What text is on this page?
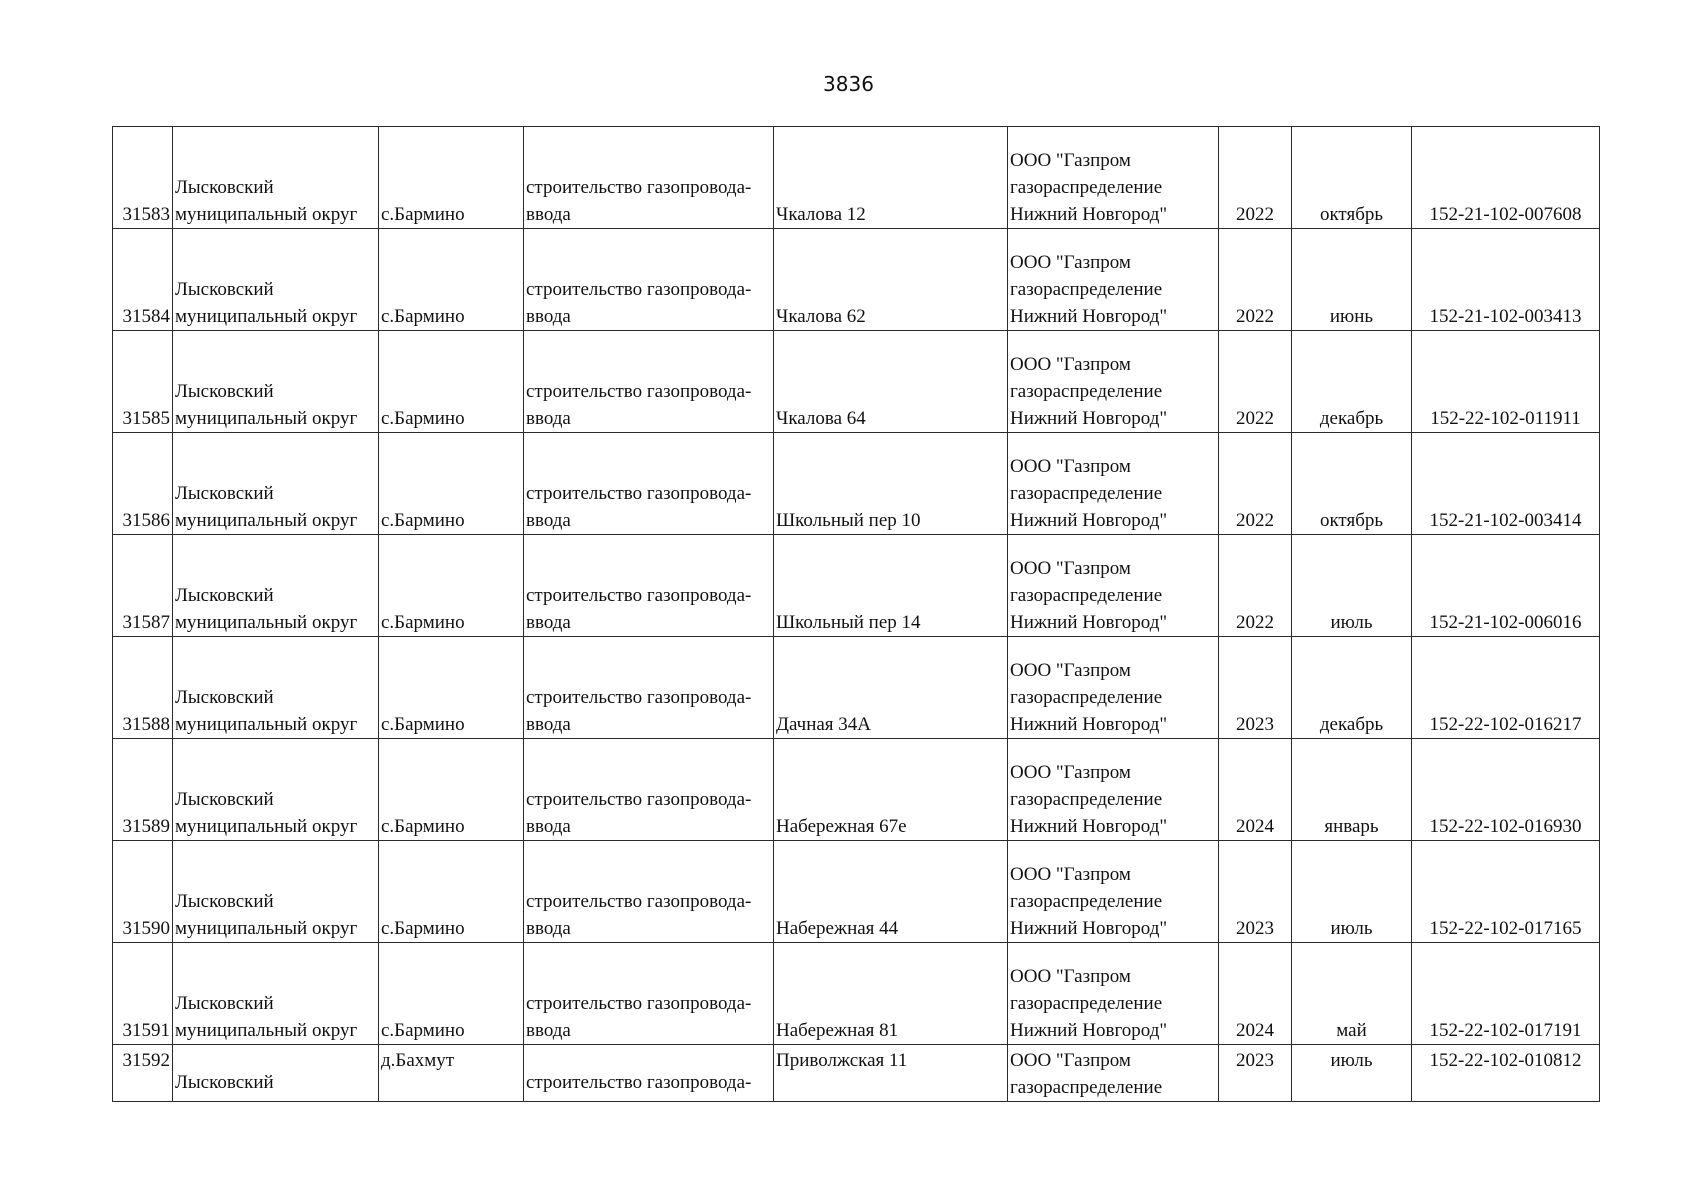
3836
31583	Лысковский
муниципальный округ	с.Бармино	строительство газопровода-
ввода	Чкалова 12	ООО "Газпром
газораспределение
Нижний Новгород"	2022	октябрь	152-21-102-007608
31584	Лысковский
муниципальный округ	с.Бармино	строительство газопровода-
ввода	Чкалова 62	ООО "Газпром
газораспределение
Нижний Новгород"	2022	июнь	152-21-102-003413
31585	Лысковский
муниципальный округ	с.Бармино	строительство газопровода-
ввода	Чкалова 64	ООО "Газпром
газораспределение
Нижний Новгород"	2022	декабрь	152-22-102-011911
31586	Лысковский
муниципальный округ	с.Бармино	строительство газопровода-
ввода	Школьный пер 10	ООО "Газпром
газораспределение
Нижний Новгород"	2022	октябрь	152-21-102-003414
31587	Лысковский
муниципальный округ	с.Бармино	строительство газопровода-
ввода	Школьный пер 14	ООО "Газпром
газораспределение
Нижний Новгород"	2022	июль	152-21-102-006016
31588	Лысковский
муниципальный округ	с.Бармино	строительство газопровода-
ввода	Дачная 34А	ООО "Газпром
газораспределение
Нижний Новгород"	2023	декабрь	152-22-102-016217
31589	Лысковский
муниципальный округ	с.Бармино	строительство газопровода-
ввода	Набережная 67е	ООО "Газпром
газораспределение
Нижний Новгород"	2024	январь	152-22-102-016930
31590	Лысковский
муниципальный округ	с.Бармино	строительство газопровода-
ввода	Набережная 44	ООО "Газпром
газораспределение
Нижний Новгород"	2023	июль	152-22-102-017165
31591	Лысковский
муниципальный округ	с.Бармино	строительство газопровода-
ввода	Набережная 81	ООО "Газпром
газораспределение
Нижний Новгород"	2024	май	152-22-102-017191
31592	Лысковский	д.Бахмут	строительство газопровода-	Приволжская 11	ООО "Газпром
газораспределение	2023	июль	152-22-102-010812
